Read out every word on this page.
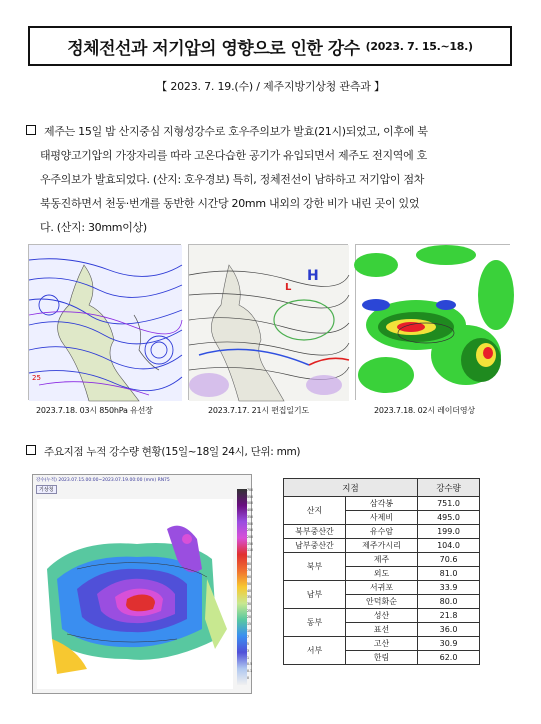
정체전선과 저기압의 영향으로 인한 강수 (2023. 7. 15.~18.)
【 2023. 7. 19.(수) / 제주지방기상청 관측과 】
제주는 15일 밤 산지중심 지형성강수로 호우주의보가 발효(21시)되었고, 이후에 북
태평양고기압의 가장자리를 따라 고온다습한 공기가 유입되면서 제주도 전지역에 호
우주의보가 발효되었다. (산지: 호우경보) 특히, 정체전선이 남하하고 저기압이 점차
북동진하면서 천둥·번개를 동반한 시간당 20mm 내외의 강한 비가 내린 곳이 있었
다. (산지: 30mm이상)
25
H
L
2023.7.18. 03시 850hPa 유선장	2023.7.17. 21시 편집일기도	2023.7.18. 02시 레이더영상
주요지점 누적 강수량 현황(15일~18일 24시, 단위: mm)
강수(누적) 2023.07.15.00:00~2023.07.19.00:00 (mm) RN75
기상청	700
550
500
400
350
300
250
200
150
110
90
80
70
60
50
40
35
30
25
20
15
10
7
5
3
1
0.5
0.1
0
지점		강수량
산지	삼각봉	751.0
	사제비	495.0
북부중산간	유수암	199.0
남부중산간	제주가시리	104.0
북부	제주	70.6
	외도	81.0
남부	서귀포	33.9
	안덕화순	80.0
동부	성산	21.8
	표선	36.0
서부	고산	30.9
	한림	62.0
